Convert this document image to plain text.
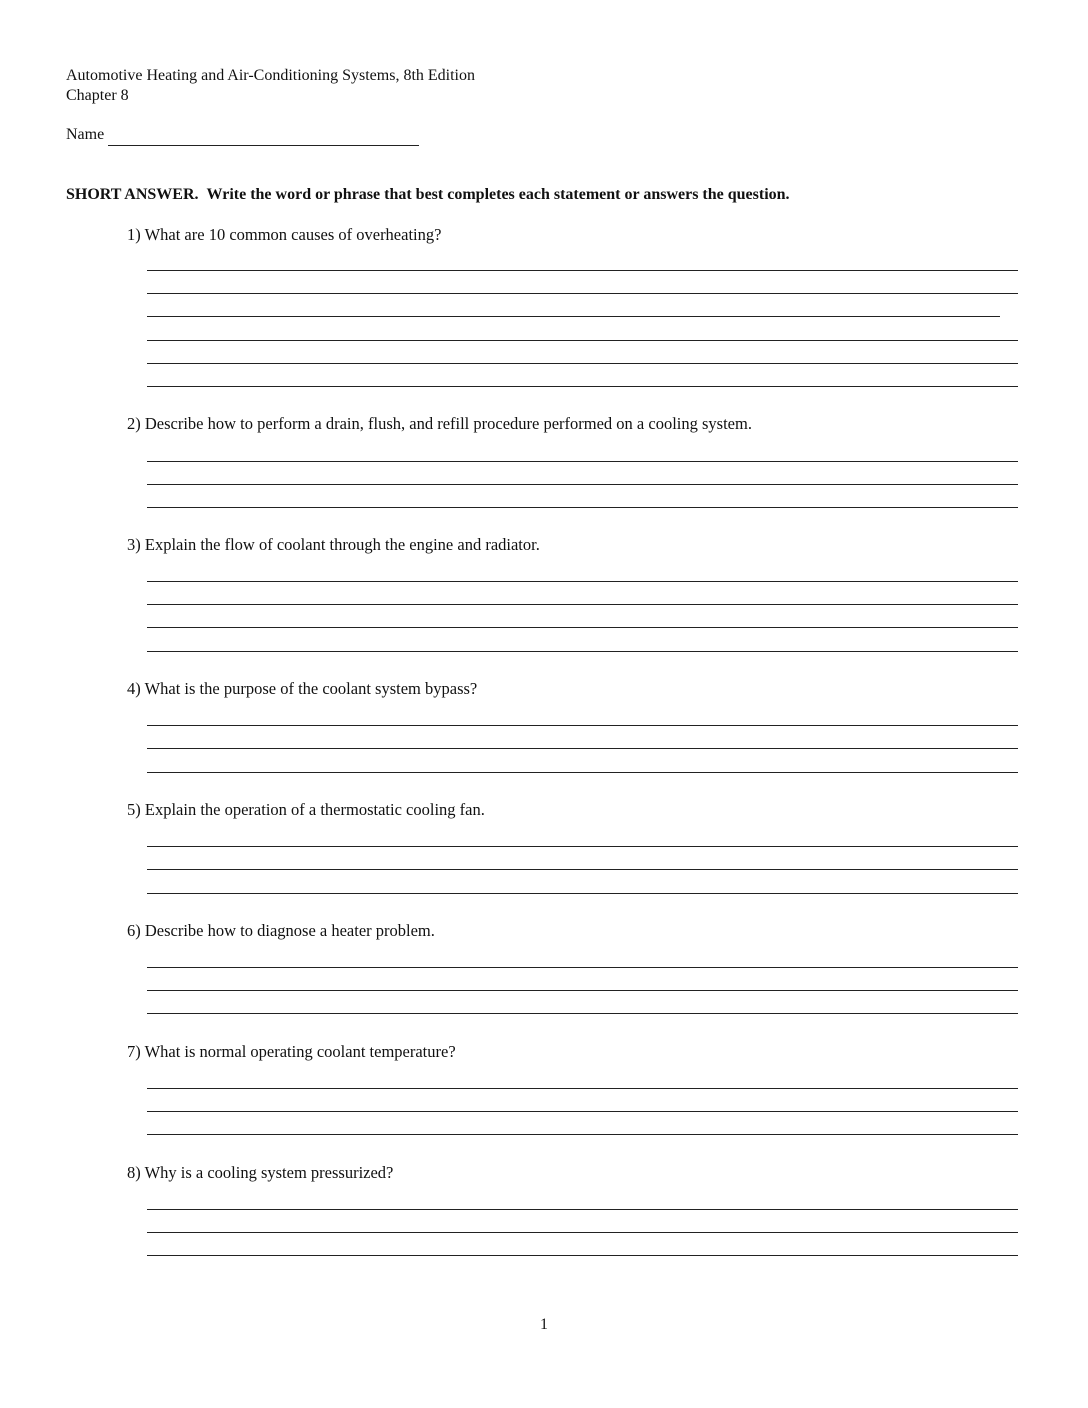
Automotive Heating and Air-Conditioning Systems, 8th Edition
Chapter 8
Name
SHORT ANSWER. Write the word or phrase that best completes each statement or answers the question.
1) What are 10 common causes of overheating?
2) Describe how to perform a drain, flush, and refill procedure performed on a cooling system.
3) Explain the flow of coolant through the engine and radiator.
4) What is the purpose of the coolant system bypass?
5) Explain the operation of a thermostatic cooling fan.
6) Describe how to diagnose a heater problem.
7) What is normal operating coolant temperature?
8) Why is a cooling system pressurized?
1
